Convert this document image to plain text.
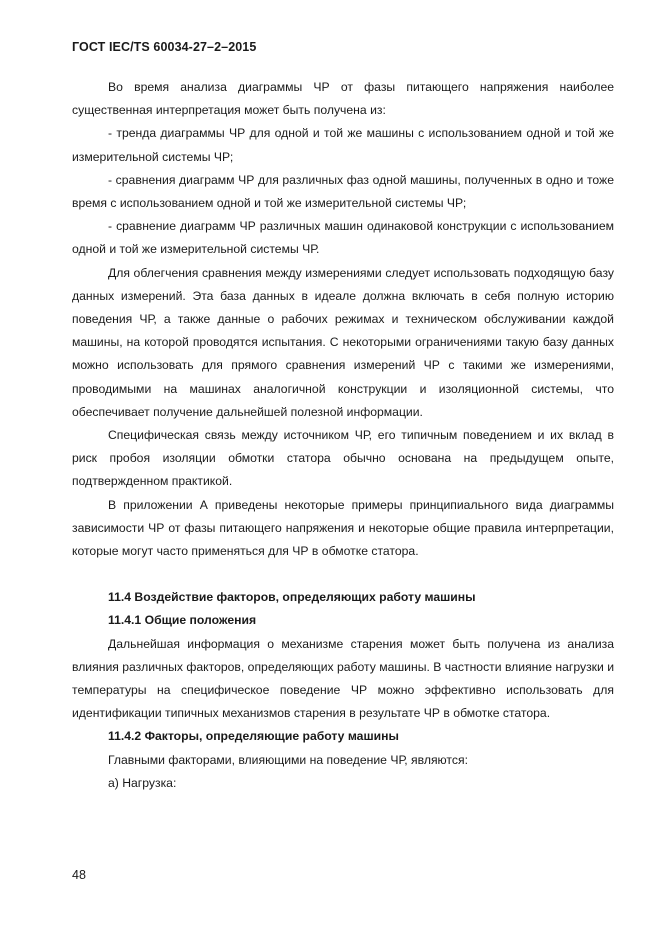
ГОСТ IEC/TS 60034-27–2–2015

Во время анализа диаграммы ЧР от фазы питающего напряжения наиболее существенная интерпретация может быть получена из:

- тренда диаграммы ЧР для одной и той же машины с использованием одной и той же измерительной системы ЧР;

- сравнения диаграмм ЧР для различных фаз одной машины, полученных в одно и тоже время с использованием одной и той же измерительной системы ЧР;

- сравнение диаграмм ЧР различных машин одинаковой конструкции с использованием одной и той же измерительной системы ЧР.

Для облегчения сравнения между измерениями следует использовать подходящую базу данных измерений. Эта база данных в идеале должна включать в себя полную историю поведения ЧР, а также данные о рабочих режимах и техническом обслуживании каждой машины, на которой проводятся испытания. С некоторыми ограничениями такую базу данных можно использовать для прямого сравнения измерений ЧР с такими же измерениями, проводимыми на машинах аналогичной конструкции и изоляционной системы, что обеспечивает получение дальнейшей полезной информации.

Специфическая связь между источником ЧР, его типичным поведением и их вклад в риск пробоя изоляции обмотки статора обычно основана на предыдущем опыте, подтвержденном практикой.

В приложении А приведены некоторые примеры принципиального вида диаграммы зависимости ЧР от фазы питающего напряжения и некоторые общие правила интерпретации, которые могут часто применяться для ЧР в обмотке статора.

11.4 Воздействие факторов, определяющих работу машины

11.4.1 Общие положения

Дальнейшая информация о механизме старения может быть получена из анализа влияния различных факторов, определяющих работу машины. В частности влияние нагрузки и температуры на специфическое поведение ЧР можно эффективно использовать для идентификации типичных механизмов старения в результате ЧР в обмотке статора.

11.4.2 Факторы, определяющие работу машины

Главными факторами, влияющими на поведение ЧР, являются:

а) Нагрузка:

48
